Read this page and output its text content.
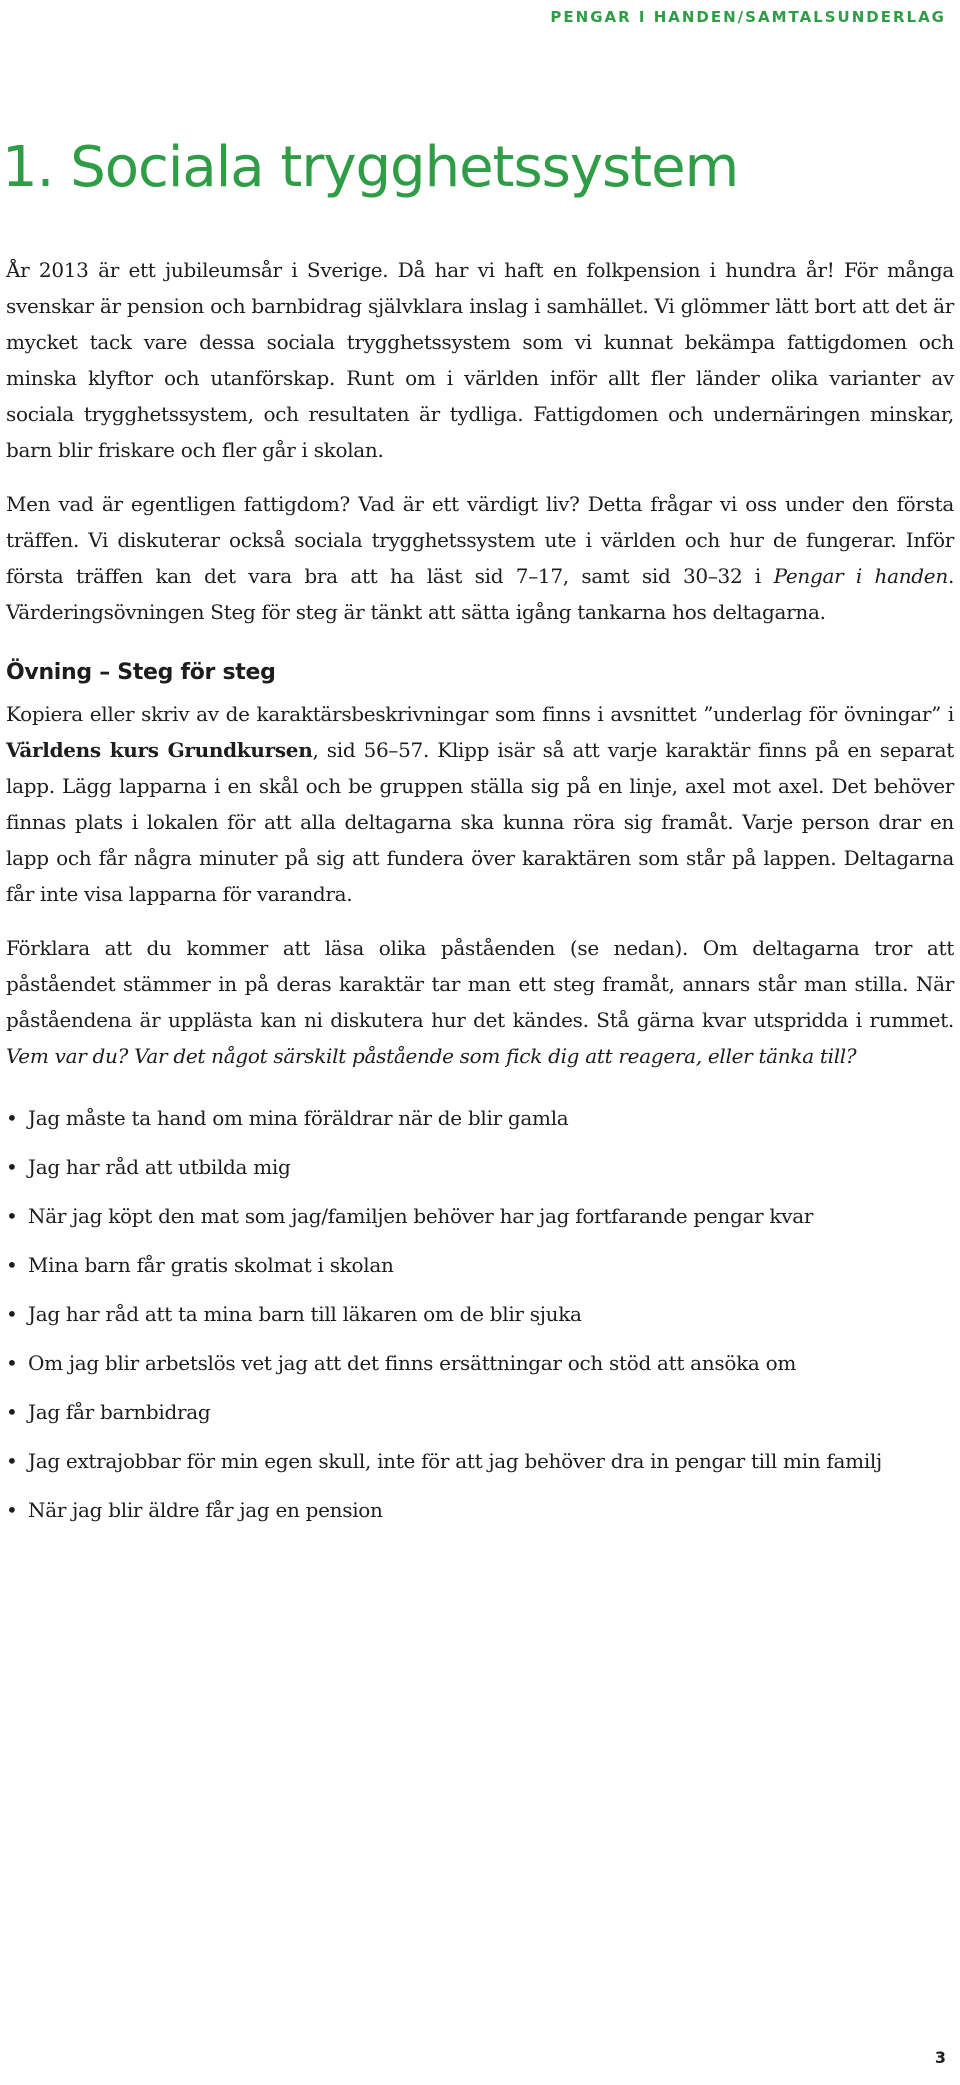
PENGAR I HANDEN/SAMTALSUNDERLAG
1. Sociala trygghetssystem

År 2013 är ett jubileumsår i Sverige. Då har vi haft en folkpension i hundra år! För många svenskar är pension och barnbidrag självklara inslag i samhället. Vi glömmer lätt bort att det är mycket tack vare dessa sociala trygghetssystem som vi kunnat bekämpa fattigdomen och minska klyftor och utanförskap. Runt om i världen inför allt fler länder olika varianter av sociala trygghetssystem, och resultaten är tydliga. Fattigdomen och undernäringen minskar, barn blir friskare och fler går i skolan.

Men vad är egentligen fattigdom? Vad är ett värdigt liv? Detta frågar vi oss under den första träffen. Vi diskuterar också sociala trygghetssystem ute i världen och hur de fungerar. Inför första träffen kan det vara bra att ha läst sid 7–17, samt sid 30–32 i Pengar i handen. Värderingsövningen Steg för steg är tänkt att sätta igång tankarna hos deltagarna.

Övning – Steg för steg

Kopiera eller skriv av de karaktärsbeskrivningar som finns i avsnittet ”underlag för övningar” i Världens kurs Grundkursen, sid 56–57. Klipp isär så att varje karaktär finns på en separat lapp. Lägg lapparna i en skål och be gruppen ställa sig på en linje, axel mot axel. Det behöver finnas plats i lokalen för att alla deltagarna ska kunna röra sig framåt. Varje person drar en lapp och får några minuter på sig att fundera över karaktären som står på lappen. Deltagarna får inte visa lapparna för varandra.

Förklara att du kommer att läsa olika påståenden (se nedan). Om deltagarna tror att påståendet stämmer in på deras karaktär tar man ett steg framåt, annars står man stilla. När påståendena är upplästa kan ni diskutera hur det kändes. Stå gärna kvar utspridda i rummet. Vem var du? Var det något särskilt påstående som fick dig att reagera, eller tänka till?

• Jag måste ta hand om mina föräldrar när de blir gamla
• Jag har råd att utbilda mig
• När jag köpt den mat som jag/familjen behöver har jag fortfarande pengar kvar
• Mina barn får gratis skolmat i skolan
• Jag har råd att ta mina barn till läkaren om de blir sjuka
• Om jag blir arbetslös vet jag att det finns ersättningar och stöd att ansöka om
• Jag får barnbidrag
• Jag extrajobbar för min egen skull, inte för att jag behöver dra in pengar till min familj
• När jag blir äldre får jag en pension
3
